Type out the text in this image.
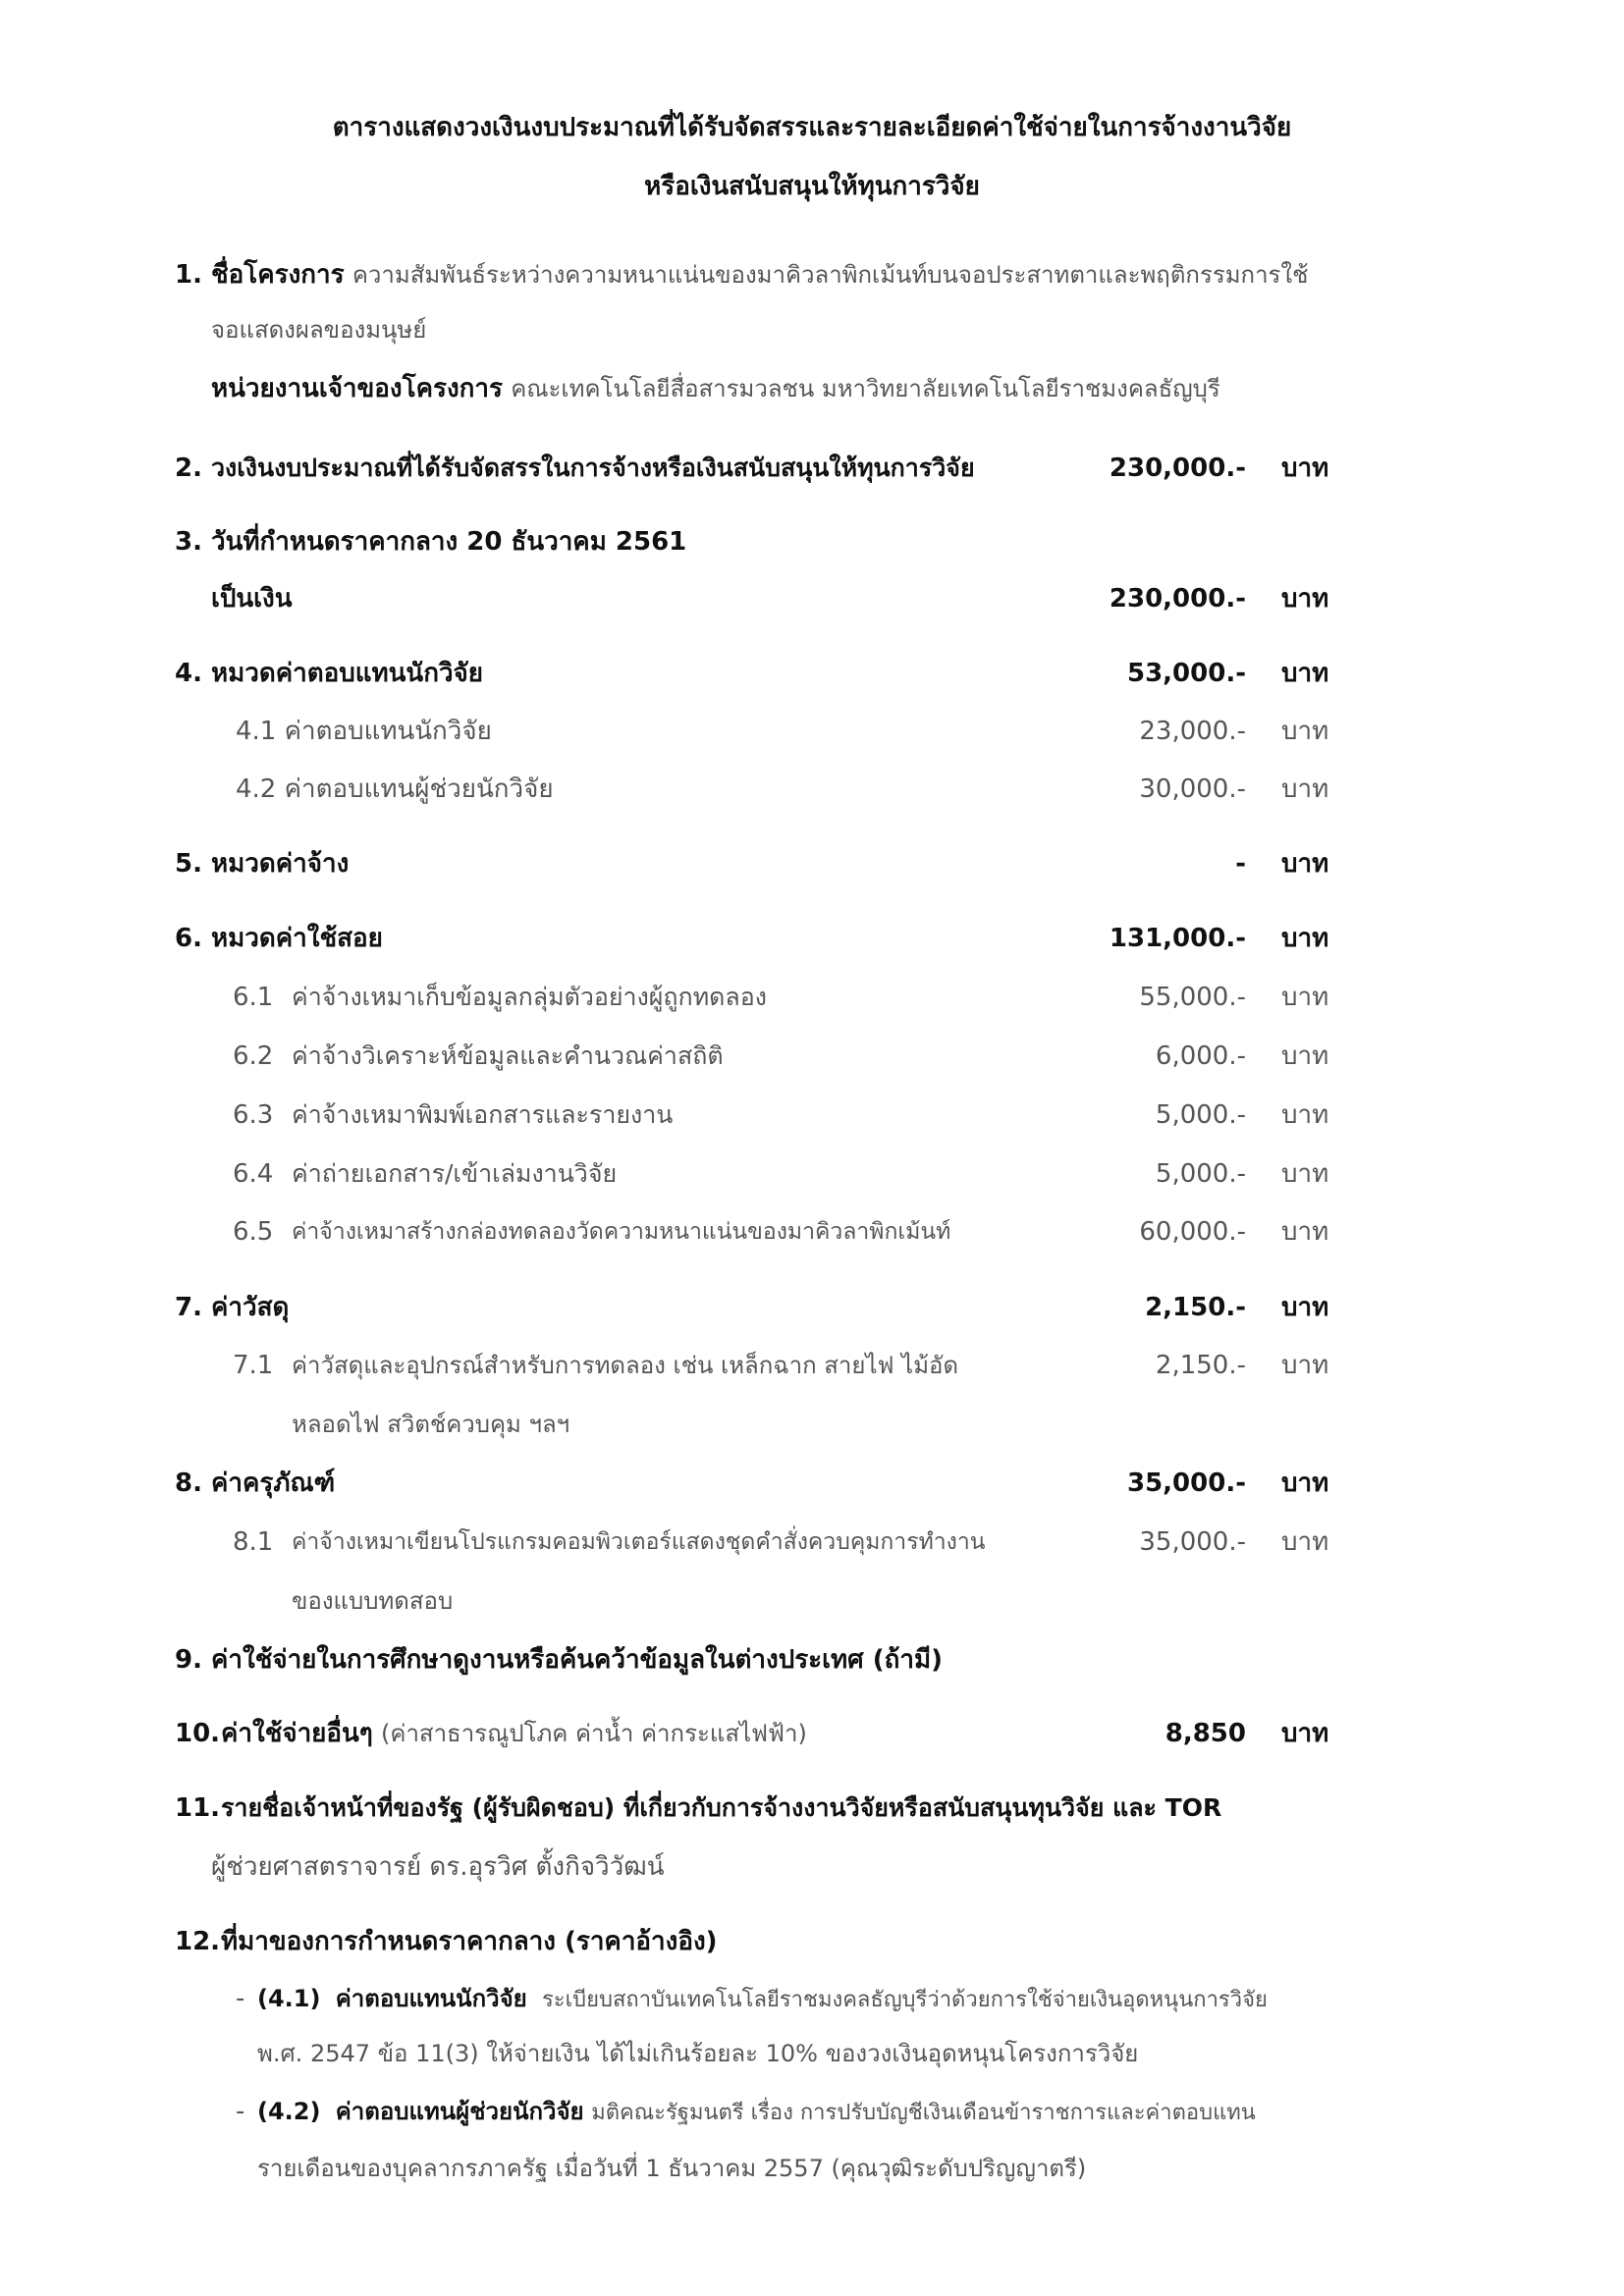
ตารางแสดงวงเงินงบประมาณที่ได้รับจัดสรรและรายละเอียดค่าใช้จ่ายในการจ้างงานวิจัย
หรือเงินสนับสนุนให้ทุนการวิจัย
1. ชื่อโครงการ ความสัมพันธ์ระหว่างความหนาแน่นของมาคิวลาพิกเม้นท์บนจอประสาทตาและพฤติกรรมการใช้
จอแสดงผลของมนุษย์
หน่วยงานเจ้าของโครงการ คณะเทคโนโลยีสื่อสารมวลชน มหาวิทยาลัยเทคโนโลยีราชมงคลธัญบุรี
2. วงเงินงบประมาณที่ได้รับจัดสรรในการจ้างหรือเงินสนับสนุนให้ทุนการวิจัย	230,000.- บาท
3. วันที่กำหนดราคากลาง 20 ธันวาคม 2561
เป็นเงิน	230,000.- บาท
4. หมวดค่าตอบแทนนักวิจัย	53,000.- บาท
4.1 ค่าตอบแทนนักวิจัย	23,000.- บาท
4.2 ค่าตอบแทนผู้ช่วยนักวิจัย	30,000.- บาท
5. หมวดค่าจ้าง	- บาท
6. หมวดค่าใช้สอย	131,000.- บาท
6.1 ค่าจ้างเหมาเก็บข้อมูลกลุ่มตัวอย่างผู้ถูกทดลอง	55,000.- บาท
6.2 ค่าจ้างวิเคราะห์ข้อมูลและคำนวณค่าสถิติ	6,000.- บาท
6.3 ค่าจ้างเหมาพิมพ์เอกสารและรายงาน	5,000.- บาท
6.4 ค่าถ่ายเอกสาร/เข้าเล่มงานวิจัย	5,000.- บาท
6.5 ค่าจ้างเหมาสร้างกล่องทดลองวัดความหนาแน่นของมาคิวลาพิกเม้นท์	60,000.- บาท
7. ค่าวัสดุ	2,150.- บาท
7.1 ค่าวัสดุและอุปกรณ์สำหรับการทดลอง เช่น เหล็กฉาก สายไฟ ไม้อัด	2,150.- บาท
หลอดไฟ สวิตช์ควบคุม ฯลฯ
8. ค่าครุภัณฑ์	35,000.- บาท
8.1 ค่าจ้างเหมาเขียนโปรแกรมคอมพิวเตอร์แสดงชุดคำสั่งควบคุมการทำงาน	35,000.- บาท
ของแบบทดสอบ
9. ค่าใช้จ่ายในการศึกษาดูงานหรือค้นคว้าข้อมูลในต่างประเทศ (ถ้ามี)
10. ค่าใช้จ่ายอื่นๆ (ค่าสาธารณูปโภค ค่าน้ำ ค่ากระแสไฟฟ้า)	8,850 บาท
11. รายชื่อเจ้าหน้าที่ของรัฐ (ผู้รับผิดชอบ) ที่เกี่ยวกับการจ้างงานวิจัยหรือสนับสนุนทุนวิจัย และ TOR
ผู้ช่วยศาสตราจารย์ ดร.อุรวิศ ตั้งกิจวิวัฒน์
12. ที่มาของการกำหนดราคากลาง (ราคาอ้างอิง)
- (4.1) ค่าตอบแทนนักวิจัย ระเบียบสถาบันเทคโนโลยีราชมงคลธัญบุรีว่าด้วยการใช้จ่ายเงินอุดหนุนการวิจัย
พ.ศ. 2547 ข้อ 11(3) ให้จ่ายเงิน ได้ไม่เกินร้อยละ 10% ของวงเงินอุดหนุนโครงการวิจัย
- (4.2) ค่าตอบแทนผู้ช่วยนักวิจัย มติคณะรัฐมนตรี เรื่อง การปรับบัญชีเงินเดือนข้าราชการและค่าตอบแทน
รายเดือนของบุคลากรภาครัฐ เมื่อวันที่ 1 ธันวาคม 2557 (คุณวุฒิระดับปริญญาตรี)
